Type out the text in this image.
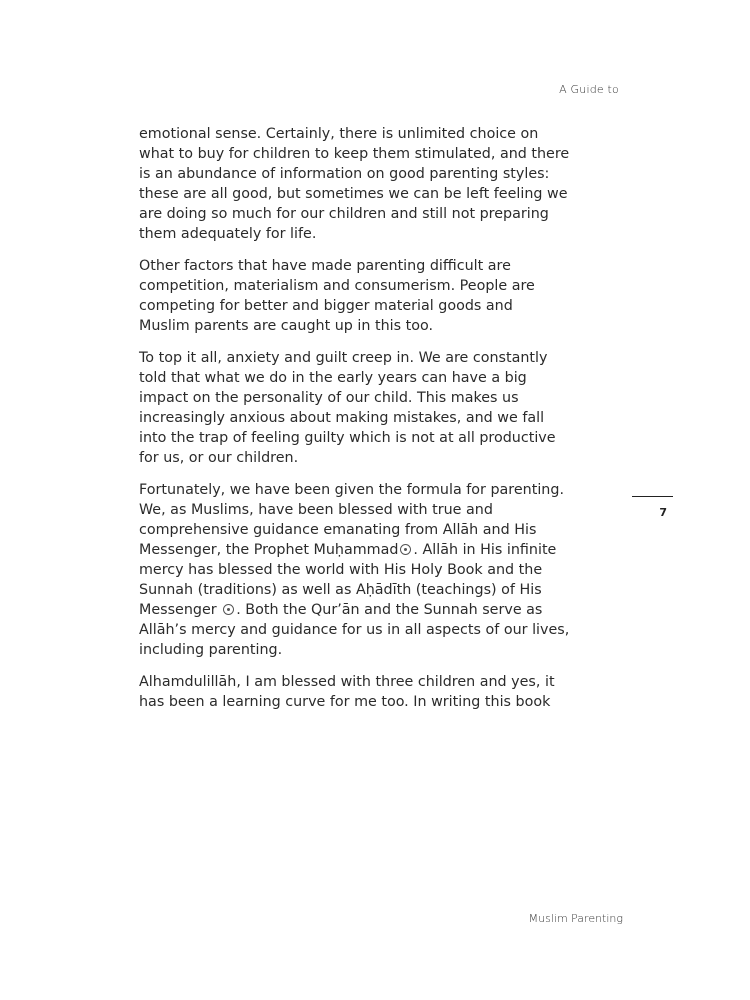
A Guide to

emotional sense. Certainly, there is unlimited choice on
what to buy for children to keep them stimulated, and there
is an abundance of information on good parenting styles:
these are all good, but sometimes we can be left feeling we
are doing so much for our children and still not preparing
them adequately for life.

Other factors that have made parenting difficult are
competition, materialism and consumerism. People are
competing for better and bigger material goods and
Muslim parents are caught up in this too.

To top it all, anxiety and guilt creep in. We are constantly
told that what we do in the early years can have a big
impact on the personality of our child. This makes us
increasingly anxious about making mistakes, and we fall
into the trap of feeling guilty which is not at all productive
for us, or our children.

Fortunately, we have been given the formula for parenting.
We, as Muslims, have been blessed with true and
comprehensive guidance emanating from Allāh and His
Messenger, the Prophet Muḥammad . Allāh in His infinite
mercy has blessed the world with His Holy Book and the
Sunnah (traditions) as well as Aḥādīth (teachings) of His
Messenger . Both the Qur’ān and the Sunnah serve as
Allāh’s mercy and guidance for us in all aspects of our lives,
including parenting.

Alhamdulillāh, I am blessed with three children and yes, it
has been a learning curve for me too. In writing this book

7
Muslim Parenting
